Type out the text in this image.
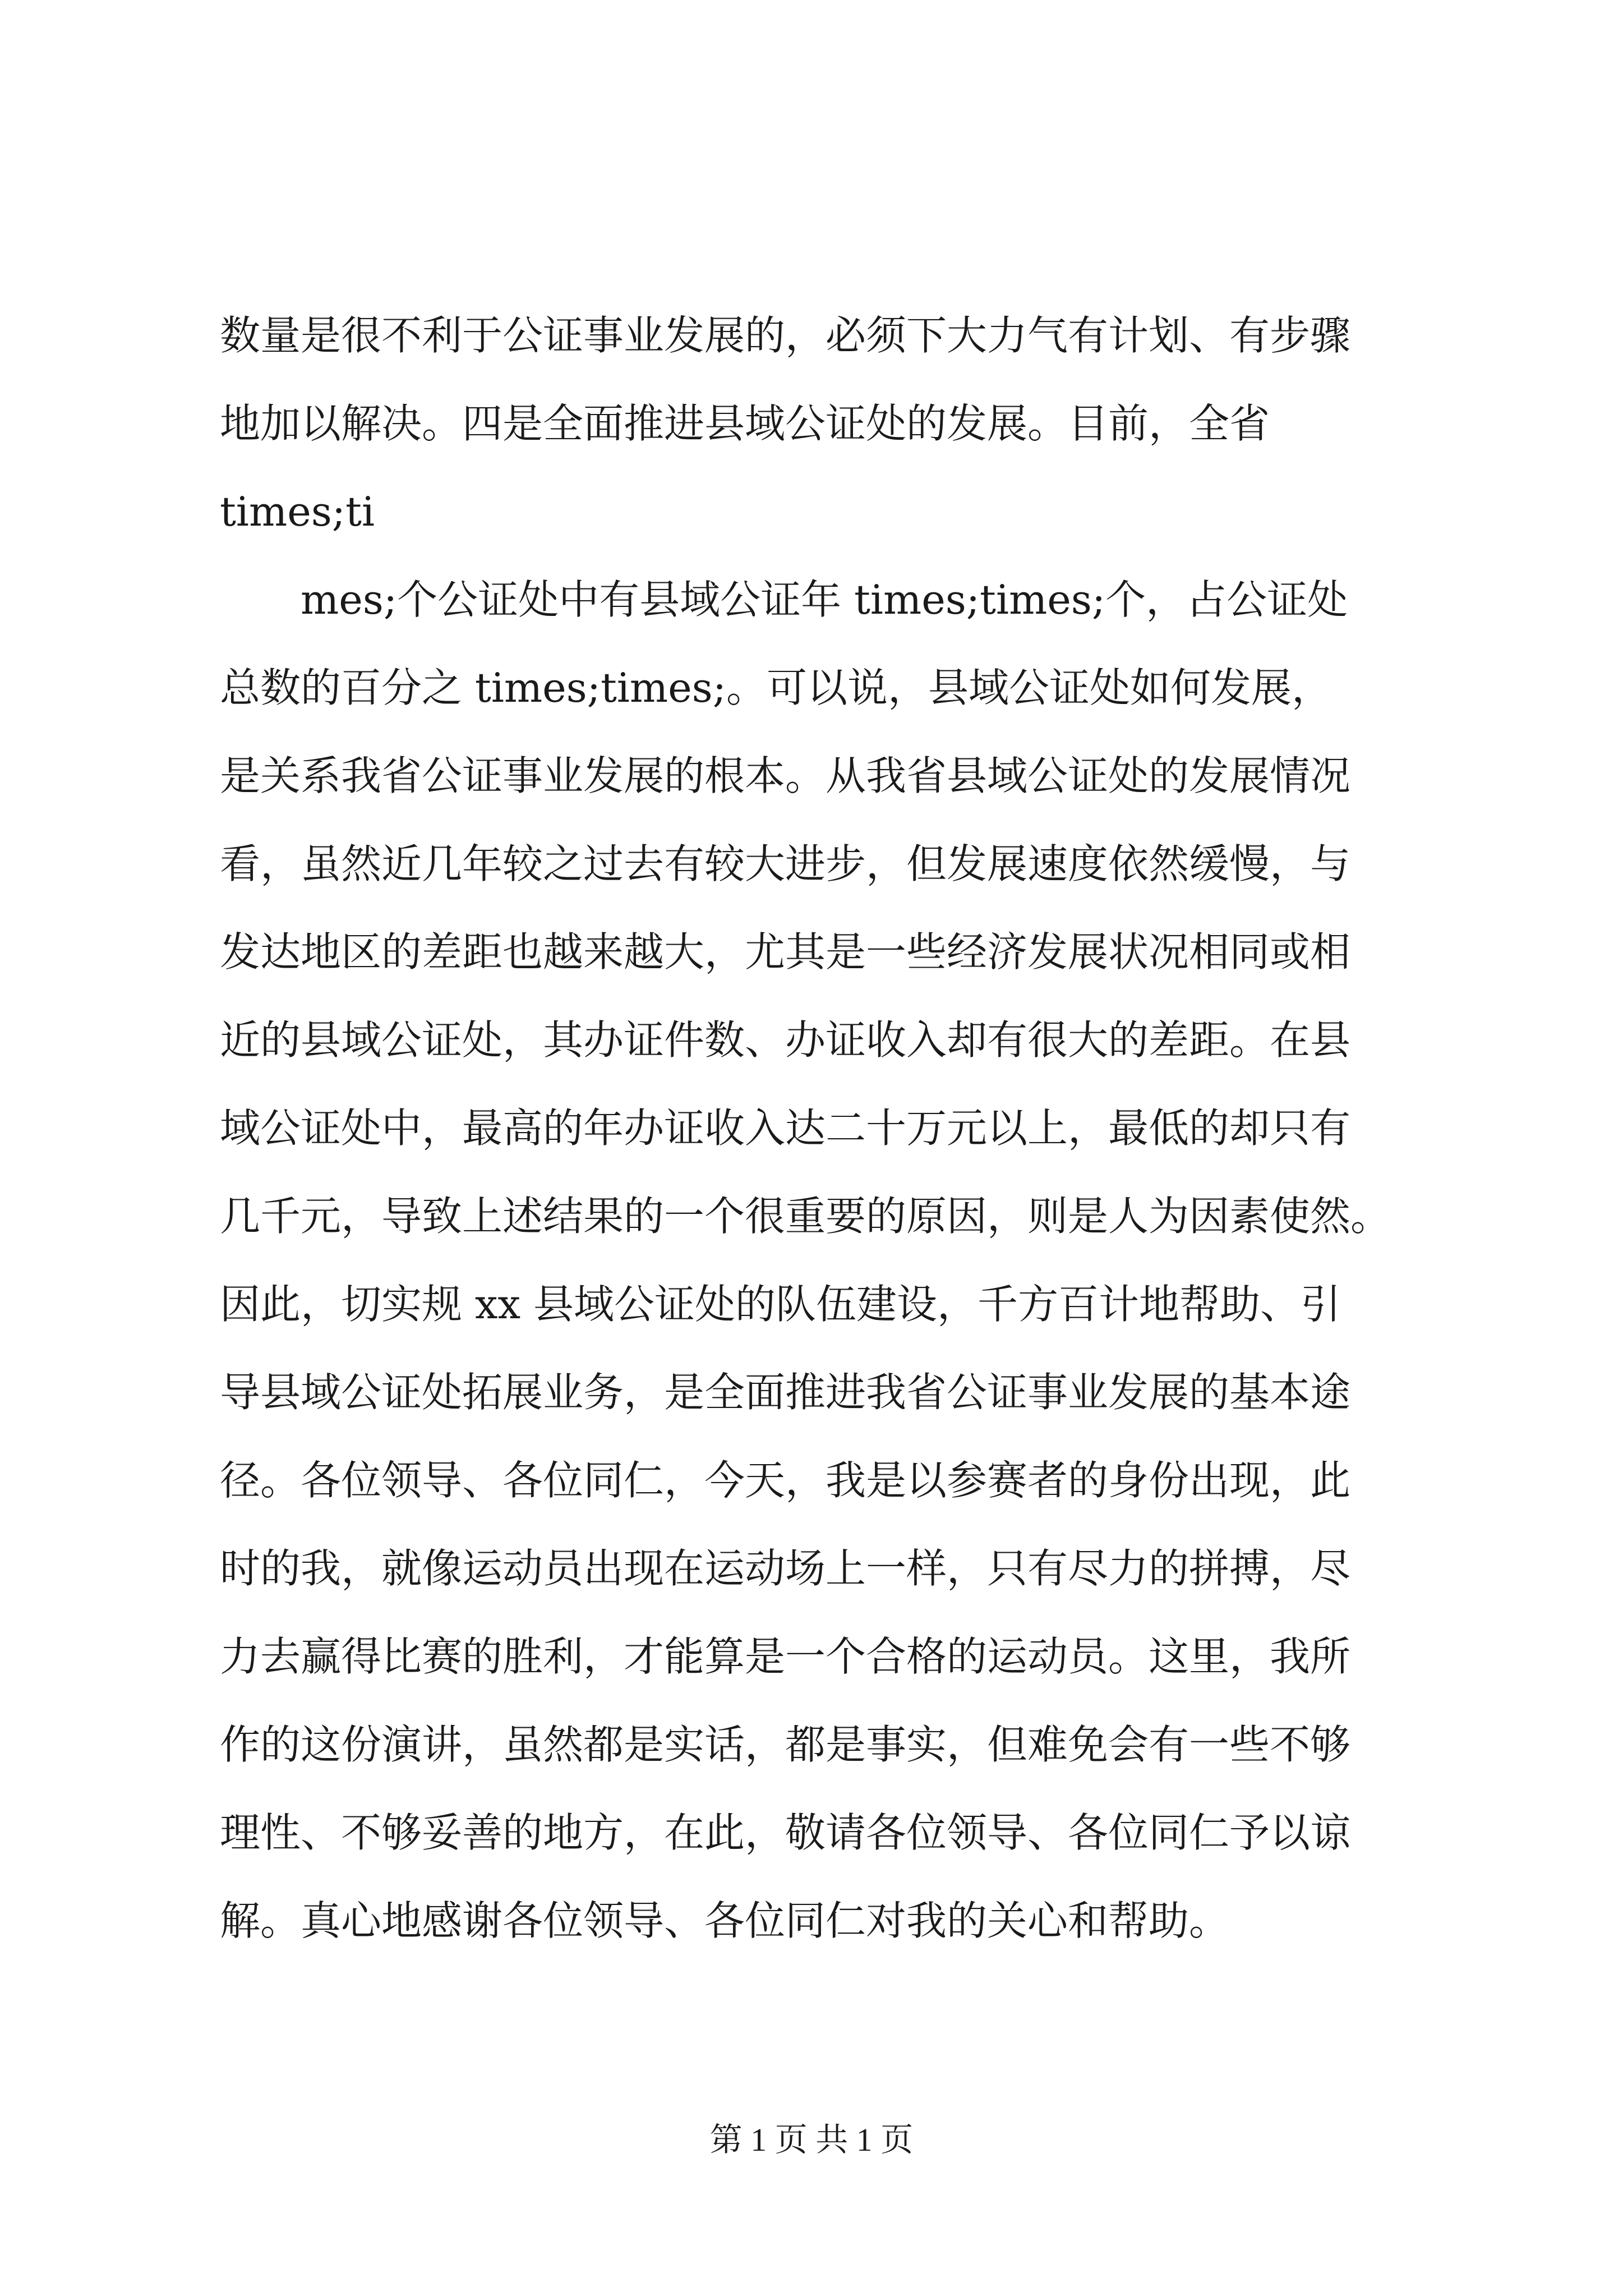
数量是很不利于公证事业发展的，必须下大力气有计划、有步骤

地加以解决。四是全面推进县域公证处的发展。目前，全省

times;ti

mes;个公证处中有县域公证年 times;times;个，占公证处

总数的百分之 times;times;。可以说，县域公证处如何发展，

是关系我省公证事业发展的根本。从我省县域公证处的发展情况

看，虽然近几年较之过去有较大进步，但发展速度依然缓慢，与

发达地区的差距也越来越大，尤其是一些经济发展状况相同或相

近的县域公证处，其办证件数、办证收入却有很大的差距。在县

域公证处中，最高的年办证收入达二十万元以上，最低的却只有

几千元，导致上述结果的一个很重要的原因，则是人为因素使然。

因此，切实规 xx 县域公证处的队伍建设，千方百计地帮助、引

导县域公证处拓展业务，是全面推进我省公证事业发展的基本途

径。各位领导、各位同仁，今天，我是以参赛者的身份出现，此

时的我，就像运动员出现在运动场上一样，只有尽力的拼搏，尽

力去赢得比赛的胜利，才能算是一个合格的运动员。这里，我所

作的这份演讲，虽然都是实话，都是事实，但难免会有一些不够

理性、不够妥善的地方，在此，敬请各位领导、各位同仁予以谅

解。真心地感谢各位领导、各位同仁对我的关心和帮助。

第 1 页 共 1 页
